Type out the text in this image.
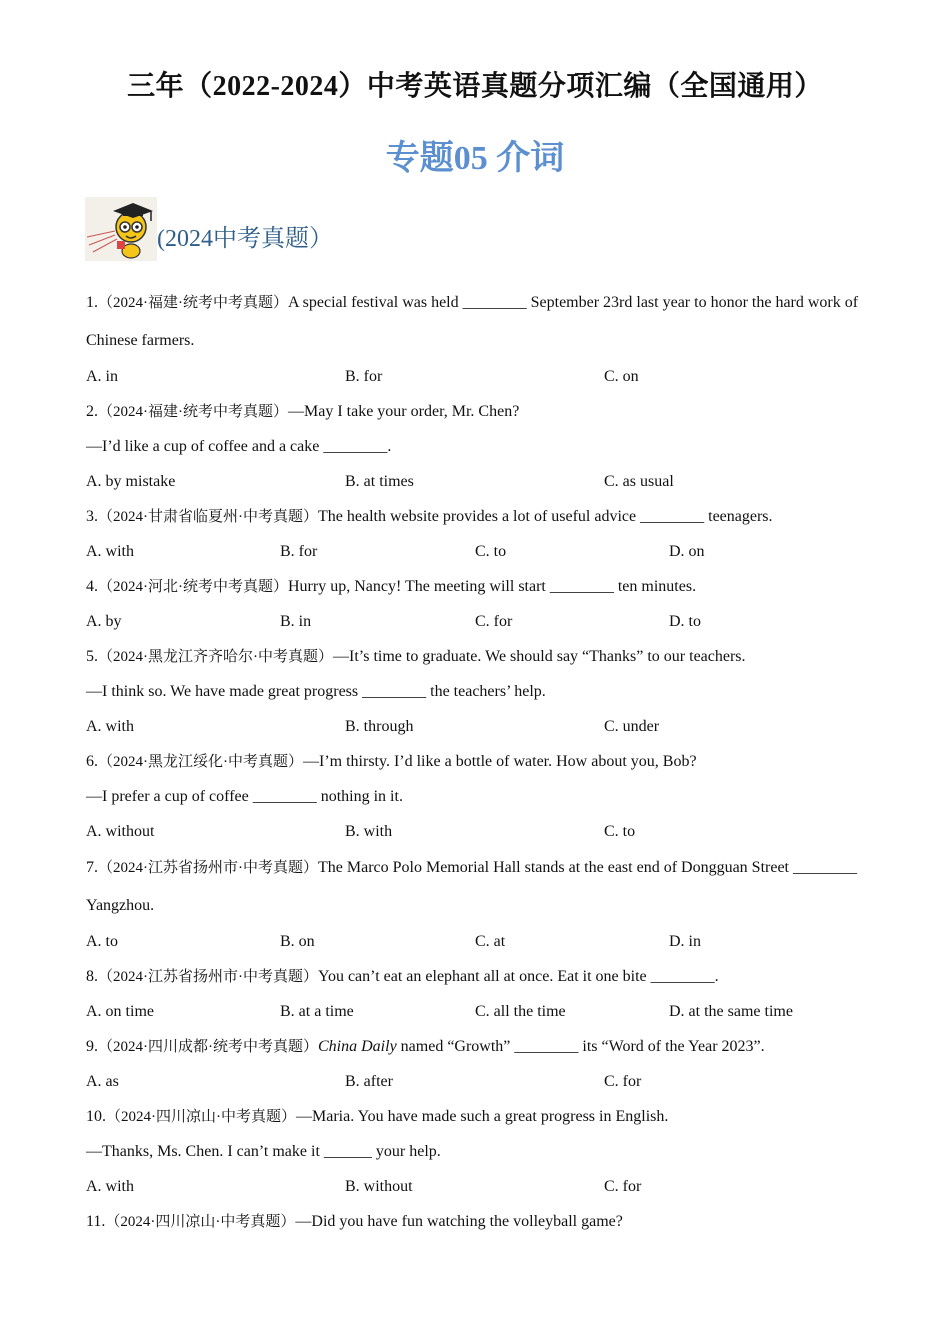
三年（2022-2024）中考英语真题分项汇编（全国通用）
专题05 介词
(2024中考真题）
1.（2024·福建·统考中考真题）A special festival was held ________ September 23rd last year to honor the hard work of Chinese farmers.
A. in	B. for	C. on
2.（2024·福建·统考中考真题）—May I take your order, Mr. Chen?
—I’d like a cup of coffee and a cake ________.
A. by mistake	B. at times	C. as usual
3.（2024·甘肃省临夏州·中考真题）The health website provides a lot of useful advice ________ teenagers.
A. with	B. for	C. to	D. on
4.（2024·河北·统考中考真题）Hurry up, Nancy! The meeting will start ________ ten minutes.
A. by	B. in	C. for	D. to
5.（2024·黑龙江齐齐哈尔·中考真题）—It’s time to graduate. We should say “Thanks” to our teachers.
—I think so. We have made great progress ________ the teachers’ help.
A. with	B. through	C. under
6.（2024·黑龙江绥化·中考真题）—I’m thirsty. I’d like a bottle of water. How about you, Bob?
—I prefer a cup of coffee ________ nothing in it.
A. without	B. with	C. to
7.（2024·江苏省扬州市·中考真题）The Marco Polo Memorial Hall stands at the east end of Dongguan Street ________ Yangzhou.
A. to	B. on	C. at	D. in
8.（2024·江苏省扬州市·中考真题）You can’t eat an elephant all at once. Eat it one bite ________.
A. on time	B. at a time	C. all the time	D. at the same time
9.（2024·四川成都·统考中考真题）China Daily named “Growth” ________ its “Word of the Year 2023”.
A. as	B. after	C. for
10.（2024·四川凉山·中考真题）—Maria. You have made such a great progress in English.
—Thanks, Ms. Chen. I can’t make it ______ your help.
A. with	B. without	C. for
11.（2024·四川凉山·中考真题）—Did you have fun watching the volleyball game?
